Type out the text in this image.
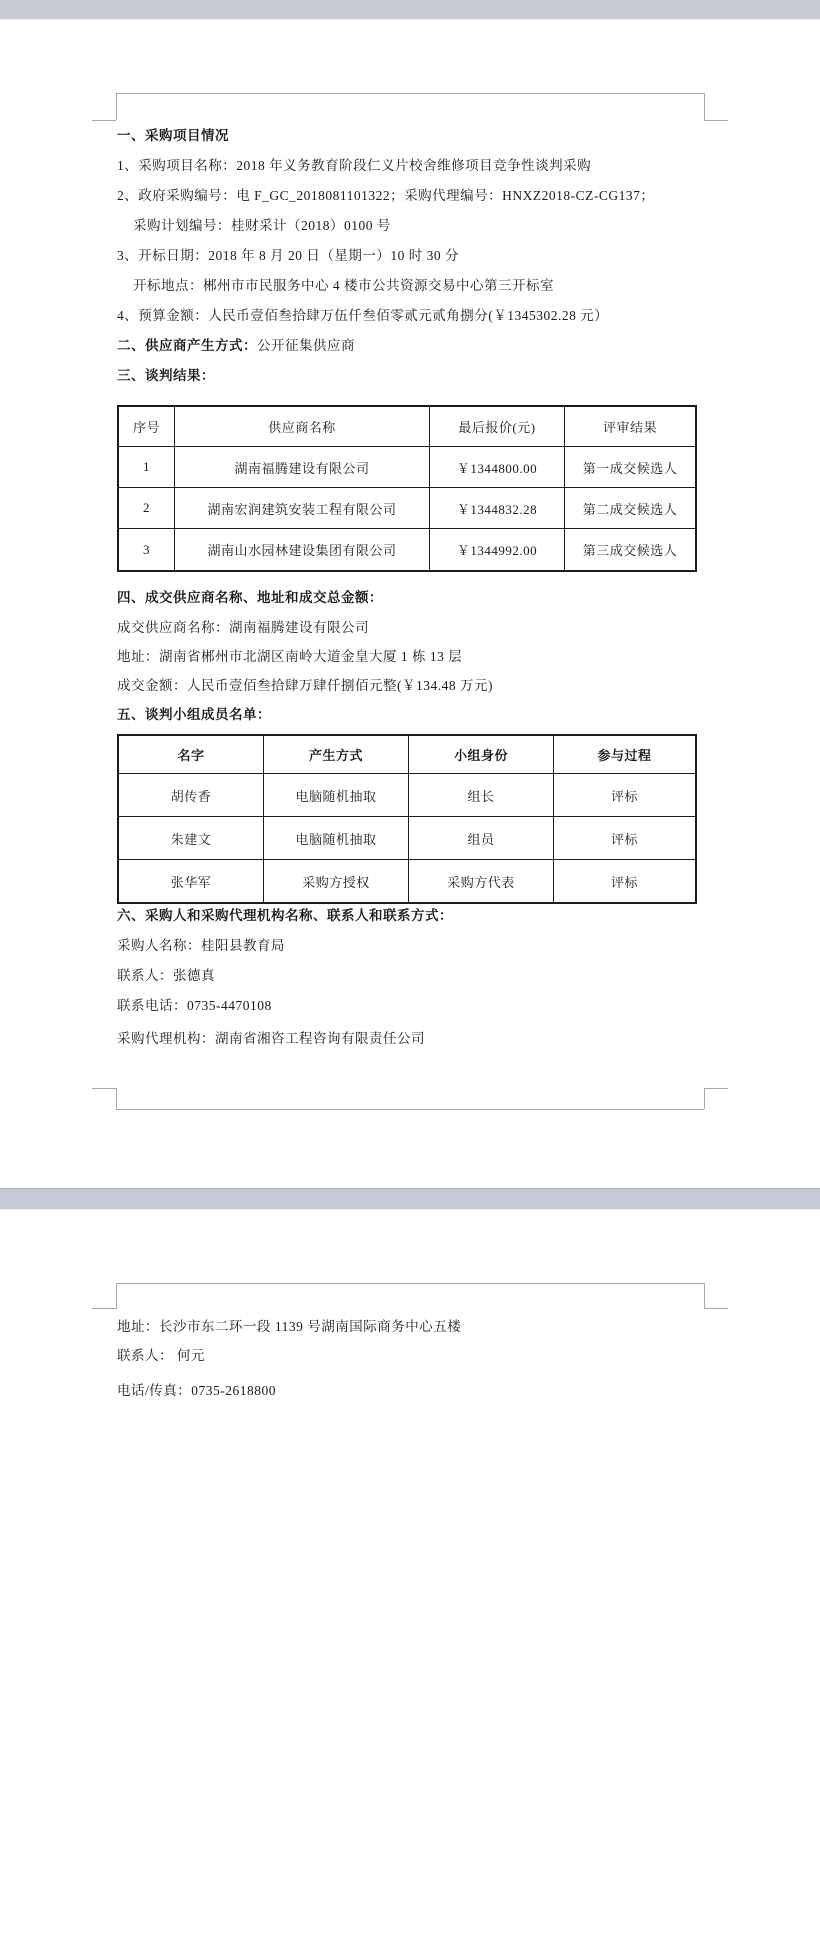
一、采购项目情况
1、采购项目名称：2018 年义务教育阶段仁义片校舍维修项目竞争性谈判采购
2、政府采购编号：电 F_GC_2018081101322；采购代理编号：HNXZ2018-CZ-CG137；
采购计划编号：桂财采计（2018）0100 号
3、开标日期：2018 年 8 月 20 日（星期一）10 时 30 分
开标地点：郴州市市民服务中心 4 楼市公共资源交易中心第三开标室
4、预算金额：人民币壹佰叁拾肆万伍仟叁佰零贰元贰角捌分(￥1345302.28 元）
二、供应商产生方式：公开征集供应商
三、谈判结果：
序号	供应商名称	最后报价(元)	评审结果
1	湖南福腾建设有限公司	￥1344800.00	第一成交候选人
2	湖南宏润建筑安装工程有限公司	￥1344832.28	第二成交候选人
3	湖南山水园林建设集团有限公司	￥1344992.00	第三成交候选人
四、成交供应商名称、地址和成交总金额：
成交供应商名称：湖南福腾建设有限公司
地址：湖南省郴州市北湖区南岭大道金皇大厦 1 栋 13 层
成交金额：人民币壹佰叁拾肆万肆仟捌佰元整(￥134.48 万元)
五、谈判小组成员名单：
名字	产生方式	小组身份	参与过程
胡传香	电脑随机抽取	组长	评标
朱建文	电脑随机抽取	组员	评标
张华军	采购方授权	采购方代表	评标
六、采购人和采购代理机构名称、联系人和联系方式：
采购人名称：桂阳县教育局
联系人：张德真
联系电话：0735-4470108
采购代理机构：湖南省湘咨工程咨询有限责任公司
地址：长沙市东二环一段 1139 号湖南国际商务中心五楼
联系人： 何元
电话/传真：0735-2618800
